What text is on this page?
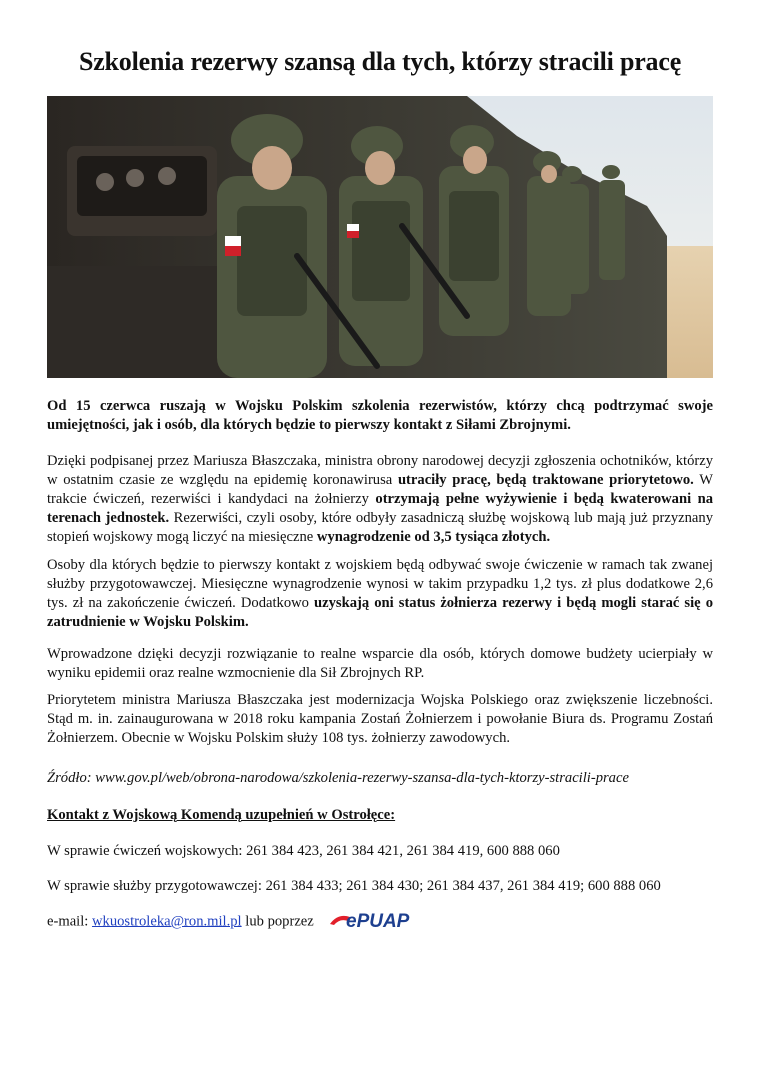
Szkolenia rezerwy szansą dla tych, którzy stracili pracę

Od 15 czerwca ruszają w Wojsku Polskim szkolenia rezerwistów, którzy chcą podtrzymać swoje umiejętności, jak i osób, dla których będzie to pierwszy kontakt z Siłami Zbrojnymi.

Dzięki podpisanej przez Mariusza Błaszczaka, ministra obrony narodowej decyzji zgłoszenia ochotników, którzy w ostatnim czasie ze względu na epidemię koronawirusa utraciły pracę, będą traktowane priorytetowo. W trakcie ćwiczeń, rezerwiści i kandydaci na żołnierzy otrzymają pełne wyżywienie i będą kwaterowani na terenach jednostek. Rezerwiści, czyli osoby, które odbyły zasadniczą służbę wojskową lub mają już przyznany stopień wojskowy mogą liczyć na miesięczne wynagrodzenie od 3,5 tysiąca złotych.

Osoby dla których będzie to pierwszy kontakt z wojskiem będą odbywać swoje ćwiczenie w ramach tak zwanej służby przygotowawczej. Miesięczne wynagrodzenie wynosi w takim przypadku 1,2 tys. zł plus dodatkowe 2,6 tys. zł na zakończenie ćwiczeń. Dodatkowo uzyskają oni status żołnierza rezerwy i będą mogli starać się o zatrudnienie w Wojsku Polskim.

Wprowadzone dzięki decyzji rozwiązanie to realne wsparcie dla osób, których domowe budżety ucierpiały w wyniku epidemii oraz realne wzmocnienie dla Sił Zbrojnych RP.

Priorytetem ministra Mariusza Błaszczaka jest modernizacja Wojska Polskiego oraz zwiększenie liczebności. Stąd m. in. zainaugurowana w 2018 roku kampania Zostań Żołnierzem i powołanie Biura ds. Programu Zostań Żołnierzem. Obecnie w Wojsku Polskim służy 108 tys. żołnierzy zawodowych.

Źródło: www.gov.pl/web/obrona-narodowa/szkolenia-rezerwy-szansa-dla-tych-ktorzy-stracili-prace

Kontakt z Wojskową Komendą uzupełnień w Ostrołęce:

W sprawie ćwiczeń wojskowych: 261 384 423, 261 384 421, 261 384 419, 600 888 060

W sprawie służby przygotowawczej: 261 384 433; 261 384 430; 261 384 437, 261 384 419; 600 888 060

e-mail: wkuostroleka@ron.mil.pl lub poprzez ePUAP
